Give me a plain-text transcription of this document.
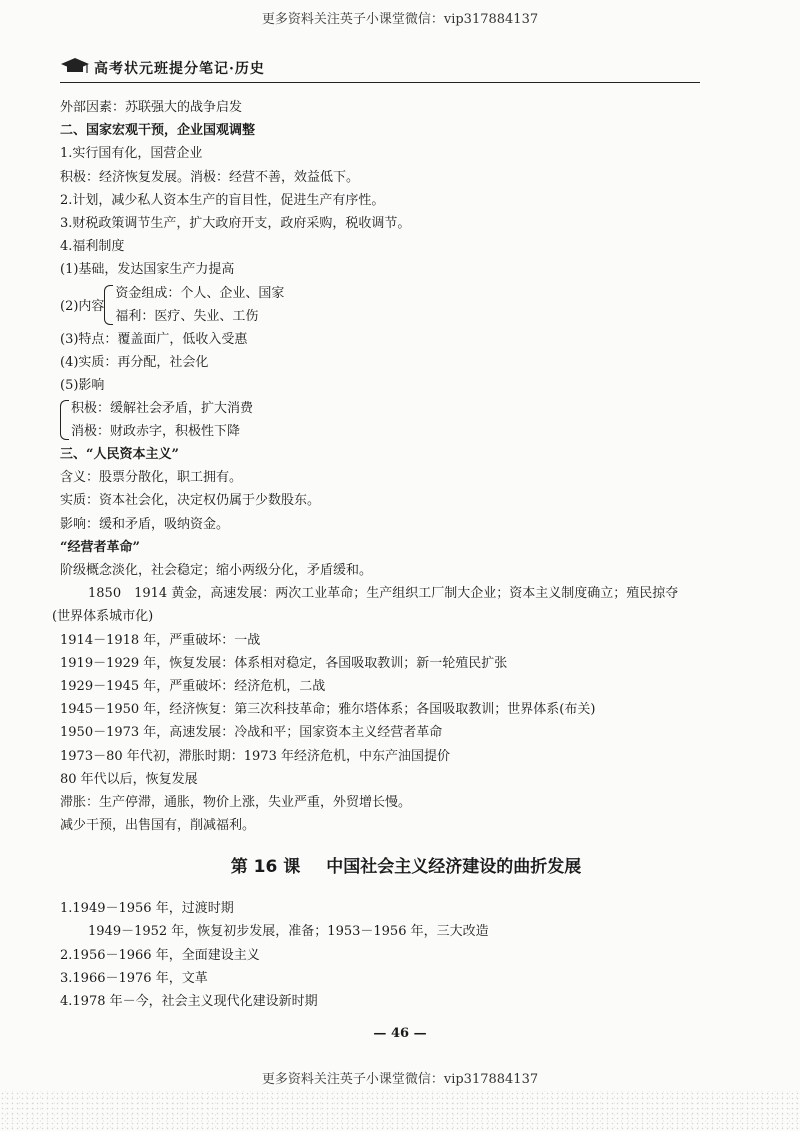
更多资料关注英子小课堂微信：vip317884137
高考状元班提分笔记·历史
外部因素：苏联强大的战争启发
二、国家宏观干预，企业国观调整
1.实行国有化，国营企业
积极：经济恢复发展。消极：经营不善，效益低下。
2.计划，减少私人资本生产的盲目性，促进生产有序性。
3.财税政策调节生产，扩大政府开支，政府采购，税收调节。
4.福利制度
(1)基础，发达国家生产力提高
(2)内容
资金组成：个人、企业、国家
福利：医疗、失业、工伤
(3)特点：覆盖面广，低收入受惠
(4)实质：再分配，社会化
(5)影响
积极：缓解社会矛盾，扩大消费
消极：财政赤字，积极性下降
三、“人民资本主义”
含义：股票分散化，职工拥有。
实质：资本社会化，决定权仍属于少数股东。
影响：缓和矛盾，吸纳资金。
“经营者革命”
阶级概念淡化，社会稳定；缩小两级分化，矛盾缓和。
1850　1914 黄金，高速发展：两次工业革命；生产组织工厂制大企业；资本主义制度确立；殖民掠夺
(世界体系城市化)
1914－1918 年，严重破坏：一战
1919－1929 年，恢复发展：体系相对稳定，各国吸取教训；新一轮殖民扩张
1929－1945 年，严重破坏：经济危机，二战
1945－1950 年，经济恢复：第三次科技革命；雅尔塔体系；各国吸取教训；世界体系(布关)
1950－1973 年，高速发展：冷战和平；国家资本主义经营者革命
1973－80 年代初，滞胀时期：1973 年经济危机，中东产油国提价
80 年代以后，恢复发展
滞胀：生产停滞，通胀，物价上涨，失业严重，外贸增长慢。
减少干预，出售国有，削减福利。
第 16 课 中国社会主义经济建设的曲折发展
1.1949－1956 年，过渡时期
1949－1952 年，恢复初步发展，准备；1953－1956 年，三大改造
2.1956－1966 年，全面建设主义
3.1966－1976 年，文革
4.1978 年－今，社会主义现代化建设新时期
— 46 —
更多资料关注英子小课堂微信：vip317884137
